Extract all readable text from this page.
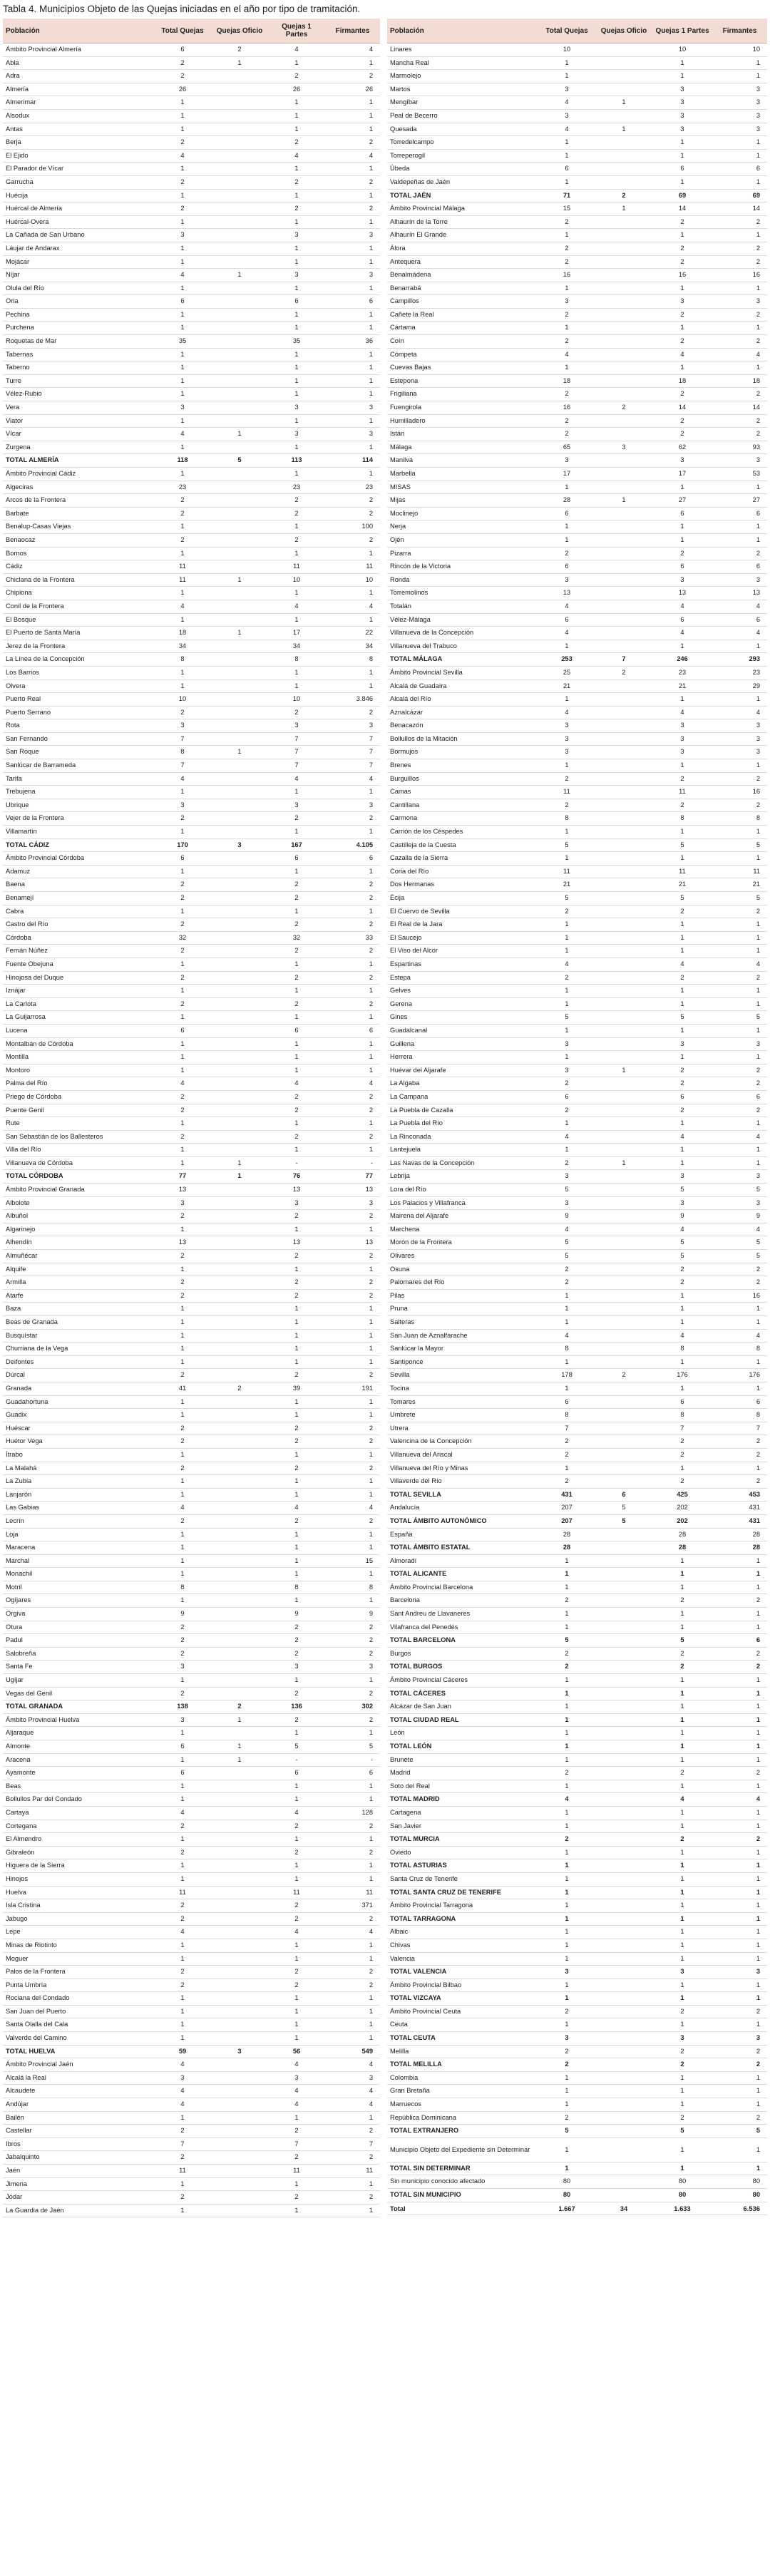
Tabla 4. Municipios Objeto de las Quejas iniciadas en el año por tipo de tramitación.
Población	Total Quejas	Quejas Oficio	Quejas 1 Partes	Firmantes
Ámbito Provincial Almería	6	2	4	4
Abla	2	1	1	1
Adra	2		2	2
Almería	26		26	26
Almerimar	1		1	1
Alsodux	1		1	1
Antas	1		1	1
Berja	2		2	2
El Ejido	4		4	4
El Parador de Vícar	1		1	1
Garrucha	2		2	2
Huécija	1		1	1
Huércal de Almería	2		2	2
Huércal-Overa	1		1	1
La Cañada de San Urbano	3		3	3
Láujar de Andarax	1		1	1
Mojácar	1		1	1
Níjar	4	1	3	3
Olula del Río	1		1	1
Oria	6		6	6
Pechina	1		1	1
Purchena	1		1	1
Roquetas de Mar	35		35	36
Tabernas	1		1	1
Taberno	1		1	1
Turre	1		1	1
Vélez-Rubio	1		1	1
Vera	3		3	3
Viator	1		1	1
Vícar	4	1	3	3
Zurgena	1		1	1
TOTAL ALMERÍA	118	5	113	114
Ámbito Provincial Cádiz	1		1	1
Algeciras	23		23	23
Arcos de la Frontera	2		2	2
Barbate	2		2	2
Benalup-Casas Viejas	1		1	100
Benaocaz	2		2	2
Bornos	1		1	1
Cádiz	11		11	11
Chiclana de la Frontera	11	1	10	10
Chipiona	1		1	1
Conil de la Frontera	4		4	4
El Bosque	1		1	1
El Puerto de Santa María	18	1	17	22
Jerez de la Frontera	34		34	34
La Línea de la Concepción	8		8	8
Los Barrios	1		1	1
Olvera	1		1	1
Puerto Real	10		10	3.846
Puerto Serrano	2		2	2
Rota	3		3	3
San Fernando	7		7	7
San Roque	8	1	7	7
Sanlúcar de Barrameda	7		7	7
Tarifa	4		4	4
Trebujena	1		1	1
Ubrique	3		3	3
Vejer de la Frontera	2		2	2
Villamartín	1		1	1
TOTAL CÁDIZ	170	3	167	4.105
Ámbito Provincial Córdoba	6		6	6
Adamuz	1		1	1
Baena	2		2	2
Benamejí	2		2	2
Cabra	1		1	1
Castro del Río	2		2	2
Córdoba	32		32	33
Fernán Núñez	2		2	2
Fuente Obejuna	1		1	1
Hinojosa del Duque	2		2	2
Iznájar	1		1	1
La Carlota	2		2	2
La Guijarrosa	1		1	1
Lucena	6		6	6
Montalbán de Córdoba	1		1	1
Montilla	1		1	1
Montoro	1		1	1
Palma del Río	4		4	4
Priego de Córdoba	2		2	2
Puente Genil	2		2	2
Rute	1		1	1
San Sebastián de los Ballesteros	2		2	2
Villa del Río	1		1	1
Villanueva de Córdoba	1	1	-	-
TOTAL CÓRDOBA	77	1	76	77
Ámbito Provincial Granada	13		13	13
Albolote	3		3	3
Albuñol	2		2	2
Algarinejo	1		1	1
Alhendín	13		13	13
Almuñécar	2		2	2
Alquife	1		1	1
Armilla	2		2	2
Atarfe	2		2	2
Baza	1		1	1
Beas de Granada	1		1	1
Busquístar	1		1	1
Churriana de la Vega	1		1	1
Deifontes	1		1	1
Dúrcal	2		2	2
Granada	41	2	39	191
Guadahortuna	1		1	1
Guadix	1		1	1
Huéscar	2		2	2
Huétor Vega	2		2	2
Ítrabo	1		1	1
La Malahá	2		2	2
La Zubia	1		1	1
Lanjarón	1		1	1
Las Gabias	4		4	4
Lecrín	2		2	2
Loja	1		1	1
Maracena	1		1	1
Marchal	1		1	15
Monachil	1		1	1
Motril	8		8	8
Ogíjares	1		1	1
Orgiva	9		9	9
Otura	2		2	2
Padul	2		2	2
Salobreña	2		2	2
Santa Fe	3		3	3
Ugíjar	1		1	1
Vegas del Genil	2		2	2
TOTAL GRANADA	138	2	136	302
Ámbito Provincial Huelva	3	1	2	2
Aljaraque	1		1	1
Almonte	6	1	5	5
Aracena	1	1	-	-
Ayamonte	6		6	6
Beas	1		1	1
Bollullos Par del Condado	1		1	1
Cartaya	4		4	128
Cortegana	2		2	2
El Almendro	1		1	1
Gibraleón	2		2	2
Higuera de la Sierra	1		1	1
Hinojos	1		1	1
Huelva	11		11	11
Isla Cristina	2		2	371
Jabugo	2		2	2
Lepe	4		4	4
Minas de Riotinto	1		1	1
Moguer	1		1	1
Palos de la Frontera	2		2	2
Punta Umbría	2		2	2
Rociana del Condado	1		1	1
San Juan del Puerto	1		1	1
Santa Olalla del Cala	1		1	1
Valverde del Camino	1		1	1
TOTAL HUELVA	59	3	56	549
Ámbito Provincial Jaén	4		4	4
Alcalá la Real	3		3	3
Alcaudete	4		4	4
Andújar	4		4	4
Bailén	1		1	1
Castellar	2		2	2
Ibros	7		7	7
Jabalquinto	2		2	2
Jaén	11		11	11
Jimena	1		1	1
Jódar	2		2	2
La Guardia de Jaén	1		1	1
Población	Total Quejas	Quejas Oficio	Quejas 1 Partes	Firmantes
Linares	10		10	10
Mancha Real	1		1	1
Marmolejo	1		1	1
Martos	3		3	3
Mengíbar	4	1	3	3
Peal de Becerro	3		3	3
Quesada	4	1	3	3
Torredelcampo	1		1	1
Torreperogil	1		1	1
Úbeda	6		6	6
Valdepeñas de Jaén	1		1	1
TOTAL JAÉN	71	2	69	69
Ámbito Provincial Málaga	15	1	14	14
Alhaurín de la Torre	2		2	2
Alhaurín El Grande	1		1	1
Álora	2		2	2
Antequera	2		2	2
Benalmádena	16		16	16
Benarrabá	1		1	1
Campillos	3		3	3
Cañete la Real	2		2	2
Cártama	1		1	1
Coín	2		2	2
Cómpeta	4		4	4
Cuevas Bajas	1		1	1
Estepona	18		18	18
Frigiliana	2		2	2
Fuengirola	16	2	14	14
Humilladero	2		2	2
Istán	2		2	2
Málaga	65	3	62	93
Manilva	3		3	3
Marbella	17		17	53
MISAS	1		1	1
Mijas	28	1	27	27
Moclinejo	6		6	6
Nerja	1		1	1
Ojén	1		1	1
Pizarra	2		2	2
Rincón de la Victoria	6		6	6
Ronda	3		3	3
Torremolinos	13		13	13
Totalán	4		4	4
Vélez-Málaga	6		6	6
Villanueva de la Concepción	4		4	4
Villanueva del Trabuco	1		1	1
TOTAL MÁLAGA	253	7	246	293
Ámbito Provincial Sevilla	25	2	23	23
Alcalá de Guadaíra	21		21	29
Alcalá del Río	1		1	1
Aznalcázar	4		4	4
Benacazón	3		3	3
Bollullos de la Mitación	3		3	3
Bormujos	3		3	3
Brenes	1		1	1
Burguillos	2		2	2
Camas	11		11	16
Cantillana	2		2	2
Carmona	8		8	8
Carrión de los Céspedes	1		1	1
Castilleja de la Cuesta	5		5	5
Cazalla de la Sierra	1		1	1
Coria del Río	11		11	11
Dos Hermanas	21		21	21
Écija	5		5	5
El Cuervo de Sevilla	2		2	2
El Real de la Jara	1		1	1
El Saucejo	1		1	1
El Viso del Alcor	1		1	1
Espartinas	4		4	4
Estepa	2		2	2
Gelves	1		1	1
Gerena	1		1	1
Gines	5		5	5
Guadalcanal	1		1	1
Guillena	3		3	3
Herrera	1		1	1
Huévar del Aljarafe	3	1	2	2
La Algaba	2		2	2
La Campana	6		6	6
La Puebla de Cazalla	2		2	2
La Puebla del Río	1		1	1
La Rinconada	4		4	4
Lantejuela	1		1	1
Las Navas de la Concepción	2	1	1	1
Lebrija	3		3	3
Lora del Río	5		5	5
Los Palacios y Villafranca	3		3	3
Mairena del Aljarafe	9		9	9
Marchena	4		4	4
Morón de la Frontera	5		5	5
Olivares	5		5	5
Osuna	2		2	2
Palomares del Río	2		2	2
Pilas	1		1	16
Pruna	1		1	1
Salteras	1		1	1
San Juan de Aznalfarache	4		4	4
Sanlúcar la Mayor	8		8	8
Santiponce	1		1	1
Sevilla	178	2	176	176
Tocina	1		1	1
Tomares	6		6	6
Umbrete	8		8	8
Utrera	7		7	7
Valencina de la Concepción	2		2	2
Villanueva del Ariscal	2		2	2
Villanueva del Río y Minas	1		1	1
Villaverde del Río	2		2	2
TOTAL SEVILLA	431	6	425	453
Andalucía	207	5	202	431
TOTAL ÁMBITO AUTONÓMICO	207	5	202	431
España	28		28	28
TOTAL ÁMBITO ESTATAL	28		28	28
Almoradí	1		1	1
TOTAL ALICANTE	1		1	1
Ámbito Provincial Barcelona	1		1	1
Barcelona	2		2	2
Sant Andreu de Llavaneres	1		1	1
Vilafranca del Penedés	1		1	1
TOTAL BARCELONA	5		5	6
Burgos	2		2	2
TOTAL BURGOS	2		2	2
Ámbito Provincial Cáceres	1		1	1
TOTAL CÁCERES	1		1	1
Alcázar de San Juan	1		1	1
TOTAL CIUDAD REAL	1		1	1
León	1		1	1
TOTAL LEÓN	1		1	1
Brunete	1		1	1
Madrid	2		2	2
Soto del Real	1		1	1
TOTAL MADRID	4		4	4
Cartagena	1		1	1
San Javier	1		1	1
TOTAL MURCIA	2		2	2
Oviedo	1		1	1
TOTAL ASTURIAS	1		1	1
Santa Cruz de Tenerife	1		1	1
TOTAL SANTA CRUZ DE TENERIFE	1		1	1
Ámbito Provincial Tarragona	1		1	1
TOTAL TARRAGONA	1		1	1
Albaic	1		1	1
Chivas	1		1	1
Valencia	1		1	1
TOTAL VALENCIA	3		3	3
Ámbito Provincial Bilbao	1		1	1
TOTAL VIZCAYA	1		1	1
Ámbito Provincial Ceuta	2		2	2
Ceuta	1		1	1
TOTAL CEUTA	3		3	3
Melilla	2		2	2
TOTAL MELILLA	2		2	2
Colombia	1		1	1
Gran Bretaña	1		1	1
Marruecos	1		1	1
República Dominicana	2		2	2
TOTAL EXTRANJERO	5		5	5
Municipio Objeto del Expediente sin Determinar	1		1	1
TOTAL SIN DETERMINAR	1		1	1
Sin municipio conocido afectado	80		80	80
TOTAL SIN MUNICIPIO	80		80	80
Total	1.667	34	1.633	6.536
